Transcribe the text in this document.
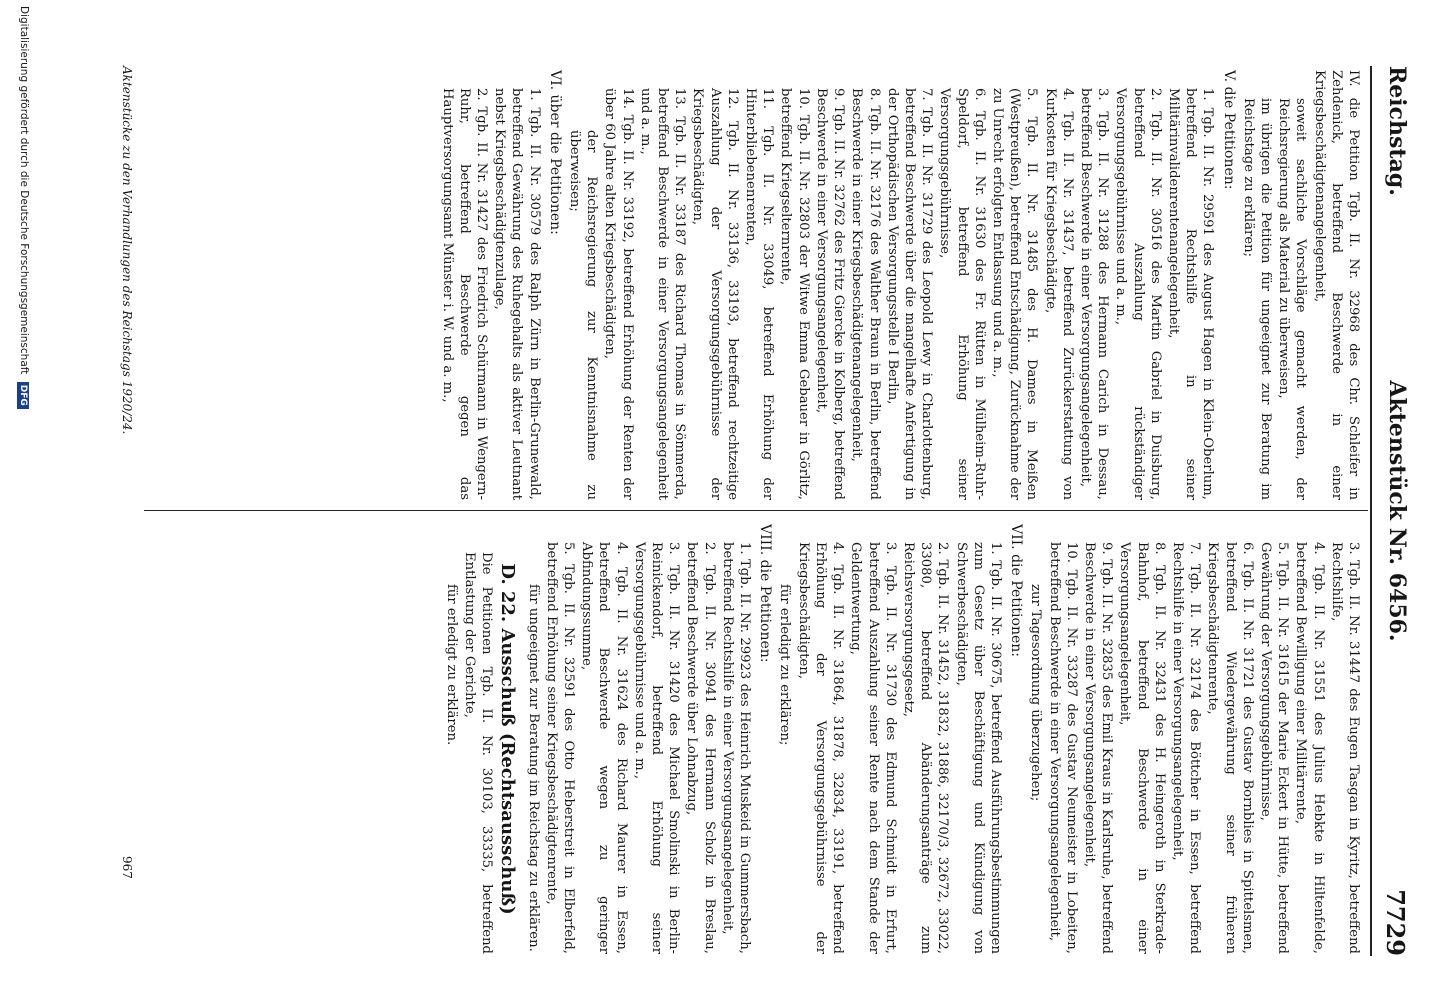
Reichstag.
Aktenstück Nr. 6456.
7729
IV. die Petition Tgb. II. Nr. 32968 des Chr. Schleifer in Zehdenick, betreffend Beschwerde in einer Kriegsbeschädigtenangelegenheit,
soweit sachliche Vorschläge gemacht werden, der Reichsregierung als Material zu überweisen,
im übrigen die Petition für ungeeignet zur Beratung im Reichstage zu erklären;
V. die Petitionen:
1. Tgb. II. Nr. 29591 des August Hagen in Klein-Oberlum, betreffend Rechtshilfe in seiner Militärinvalidenrentenangelegenheit,
2. Tgb. II. Nr. 30516 des Martin Gabriel in Duisburg, betreffend Auszahlung rückständiger Versorgungsgebührnisse und a. m.,
3. Tgb. II. Nr. 31288 des Hermann Carich in Dessau, betreffend Beschwerde in einer Versorgungsangelegenheit,
4. Tgb. II. Nr. 31437, betreffend Zurückerstattung von Kurkosten für Kriegsbeschädigte,
5. Tgb. II. Nr. 31485 des H. Dames in Meißen (Westpreußen), betreffend Entschädigung, Zurücknahme der zu Unrecht erfolgten Entlassung und a. m.,
6. Tgb. II. Nr. 31630 des Fr. Rütten in Mülheim-Ruhr-Speldorf, betreffend Erhöhung seiner Versorgungsgebührnisse,
7. Tgb. II. Nr. 31729 des Leopold Lewy in Charlottenburg, betreffend Beschwerde über die mangelhafte Anfertigung in der Orthopädischen Versorgungsstelle I Berlin,
8. Tgb. II. Nr. 32176 des Walther Braun in Berlin, betreffend Beschwerde in einer Kriegsbeschädigtenangelegenheit,
9. Tgb. II. Nr. 32762 des Fritz Giercke in Kolberg, betreffend Beschwerde in einer Versorgungsangelegenheit,
10. Tgb. II. Nr. 32803 der Witwe Emma Gebauer in Görlitz, betreffend Kriegselternrente,
11. Tgb. II. Nr. 33049, betreffend Erhöhung der Hinterbliebenenrenten,
12. Tgb. II. Nr. 33136, 33193, betreffend rechtzeitige Auszahlung der Versorgungsgebührnisse der Kriegsbeschädigten,
13. Tgb. II. Nr. 33187 des Richard Thomas in Sömmerda, betreffend Beschwerde in einer Versorgungsangelegenheit und a. m.,
14. Tgb. II. Nr. 33192, betreffend Erhöhung der Renten der über 60 Jahre alten Kriegsbeschädigten,
der Reichsregierung zur Kenntnisnahme zu überweisen;
VI. über die Petitionen:
1. Tgb. II. Nr. 30579 des Ralph Zürn in Berlin-Grunewald, betreffend Gewährung des Ruhegehalts als aktiver Leutnant nebst Kriegsbeschädigtenzulage,
2. Tgb. II. Nr. 31427 des Friedrich Schürmann in Wengern-Ruhr, betreffend Beschwerde gegen das Hauptversorgungsamt Münster i. W. und a. m.,
3. Tgb. II. Nr. 31447 des Eugen Tasgan in Kyritz, betreffend Rechtshilfe,
4. Tgb. II. Nr. 31551 des Julius Hebkte in Hiltenfelde, betreffend Bewilligung einer Militärrente,
5. Tgb. II. Nr. 31615 der Marie Eckert in Hütte, betreffend Gewährung der Versorgungsgebührnisse,
6. Tgb. II. Nr. 31721 des Gustav Bornblies in Spittelsmen, betreffend Wiedergewährung seiner früheren Kriegsbeschädigtenrente,
7. Tgb. II. Nr. 32174 des Böttcher in Essen, betreffend Rechtshilfe in einer Versorgungsangelegenheit,
8. Tgb. II. Nr. 32431 des H. Heingeroth in Sterkrade-Bahnhof, betreffend Beschwerde in einer Versorgungsangelegenheit,
9. Tgb. II. Nr. 32835 des Emil Kraus in Karlsruhe, betreffend Beschwerde in einer Versorgungsangelegenheit,
10. Tgb. II. Nr. 33287 des Gustav Neumeister in Lobeiten, betreffend Beschwerde in einer Versorgungsangelegenheit,
zur Tagesordnung überzugehen;
VII. die Petitionen:
1. Tgb. II. Nr. 30675, betreffend Ausführungsbestimmungen zum Gesetz über Beschäftigung und Kündigung von Schwerbeschädigten,
2. Tgb. II. Nr. 31452, 31832, 31886, 32170/3, 32672, 33022, 33080, betreffend Abänderungsanträge zum Reichsversorgungsgesetz,
3. Tgb. II. Nr. 31730 des Edmund Schmidt in Erfurt, betreffend Auszahlung seiner Rente nach dem Stande der Geldentwertung,
4. Tgb. II. Nr. 31864, 31878, 32834, 33191, betreffend Erhöhung der Versorgungsgebührnisse der Kriegsbeschädigten,
für erledigt zu erklären;
VIII. die Petitionen:
1. Tgb. II. Nr. 29923 des Heinrich Muskeid in Gummersbach, betreffend Rechtshilfe in einer Versorgungsangelegenheit,
2. Tgb. II. Nr. 30941 des Hermann Scholz in Breslau, betreffend Beschwerde über Lohnabzug,
3. Tgb. II. Nr. 31420 des Michael Smolinski in Berlin-Reinickendorf, betreffend Erhöhung seiner Versorgungsgebührnisse und a. m.,
4. Tgb. II. Nr. 31624 des Richard Maurer in Essen, betreffend Beschwerde wegen zu geringer Abfindungssumme,
5. Tgb. II. Nr. 32591 des Otto Heberstreit in Elberfeld, betreffend Erhöhung seiner Kriegsbeschädigtenrente,
für ungeeignet zur Beratung im Reichstag zu erklären.
D. 22. Ausschuß (Rechtsausschuß)
Die Petitionen Tgb. II. Nr. 30103, 33335, betreffend Entlastung der Gerichte,
für erledigt zu erklären.
Aktenstücke zu den Verhandlungen des Reichstags 1920/24.
967
Digitalisierung gefördert durch die Deutsche Forschungsgemeinschaft DFG
